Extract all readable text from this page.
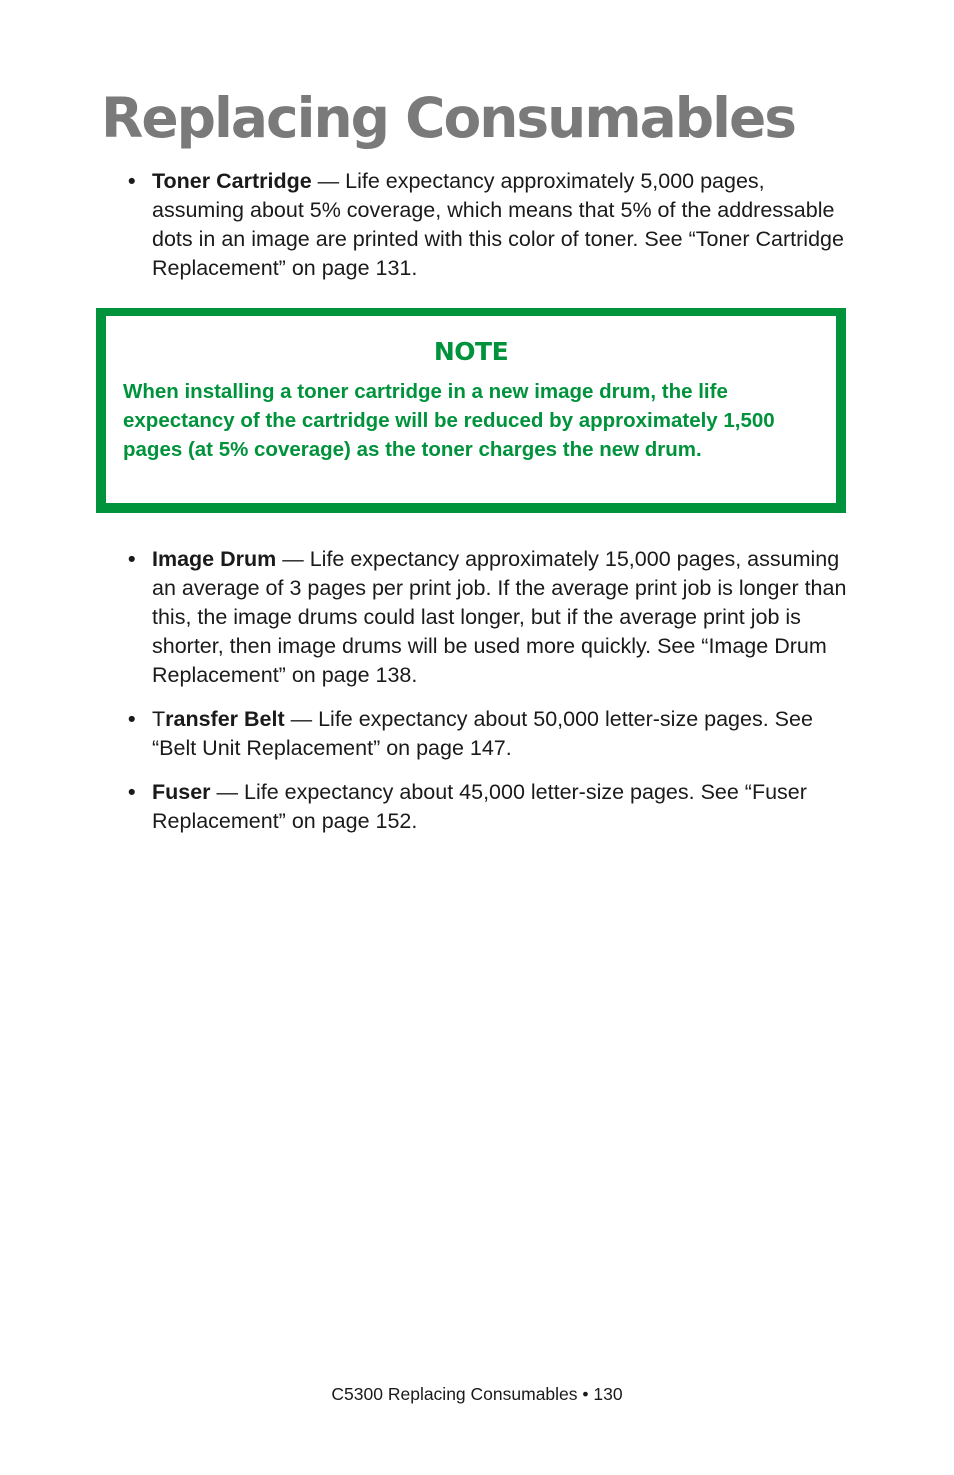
Replacing Consumables
• Toner Cartridge — Life expectancy approximately 5,000 pages, assuming about 5% coverage, which means that 5% of the addressable dots in an image are printed with this color of toner. See “Toner Cartridge Replacement” on page 131.
NOTE

When installing a toner cartridge in a new image drum, the life expectancy of the cartridge will be reduced by approximately 1,500 pages (at 5% coverage) as the toner charges the new drum.

• Image Drum — Life expectancy approximately 15,000 pages, assuming an average of 3 pages per print job. If the average print job is longer than this, the image drums could last longer, but if the average print job is shorter, then image drums will be used more quickly. See “Image Drum Replacement” on page 138.
• Transfer Belt — Life expectancy about 50,000 letter-size pages. See “Belt Unit Replacement” on page 147.
• Fuser — Life expectancy about 45,000 letter-size pages. See “Fuser Replacement” on page 152.
C5300 Replacing Consumables • 130
